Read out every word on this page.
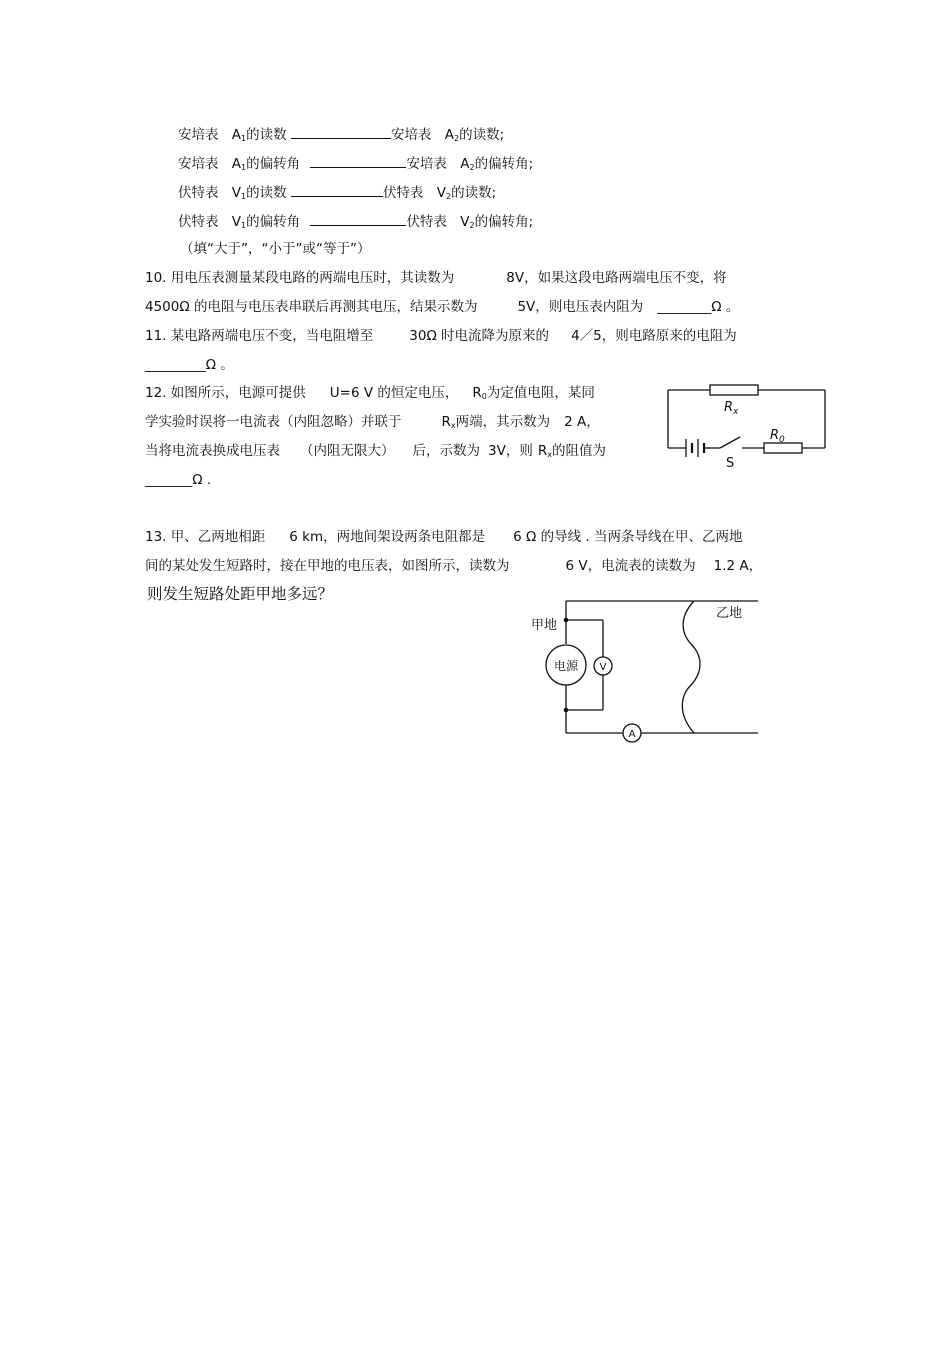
安培表 $A_1$的读数	安培表 $A_2$的读数;
安培表 $A_1$的偏转角	安培表 $A_2$的偏转角;
伏特表 $V_1$的读数	伏特表 $V_2$的读数;
伏特表 $V_1$的偏转角	伏特表 $V_2$的偏转角;
（填“大于”，“小于”或“等于”）
10. 用电压表测量某段电路的两端电压时，其读数为	8V，如果这段电路两端电压不变，将
4500Ω 的电阻与电压表串联后再测其电压，结果示数为	5V，则电压表内阻为 ________Ω 。
11. 某电路两端电压不变，当电阻增至	30Ω 时电流降为原来的 4／5，则电路原来的电阻为
_________Ω 。
12. 如图所示，电源可提供 U=6 V 的恒定电压， $R_0$为定值电阻，某同
学实验时误将一电流表（内阻忽略）并联于	$R_x$两端，其示数为 2 A，
当将电流表换成电压表 （内阻无限大） 后，示数为 3V，则 $R_x$的阻值为
_______Ω .
$R_x$
$R_0$
S
13. 甲、乙两地相距 6 km，两地间架设两条电阻都是 6 Ω 的导线 . 当两条导线在甲、乙两地
间的某处发生短路时，接在甲地的电压表，如图所示，读数为	6 V，电流表的读数为 1.2 A，
则发生短路处距甲地多远？
电源 V
A
甲地
乙地
